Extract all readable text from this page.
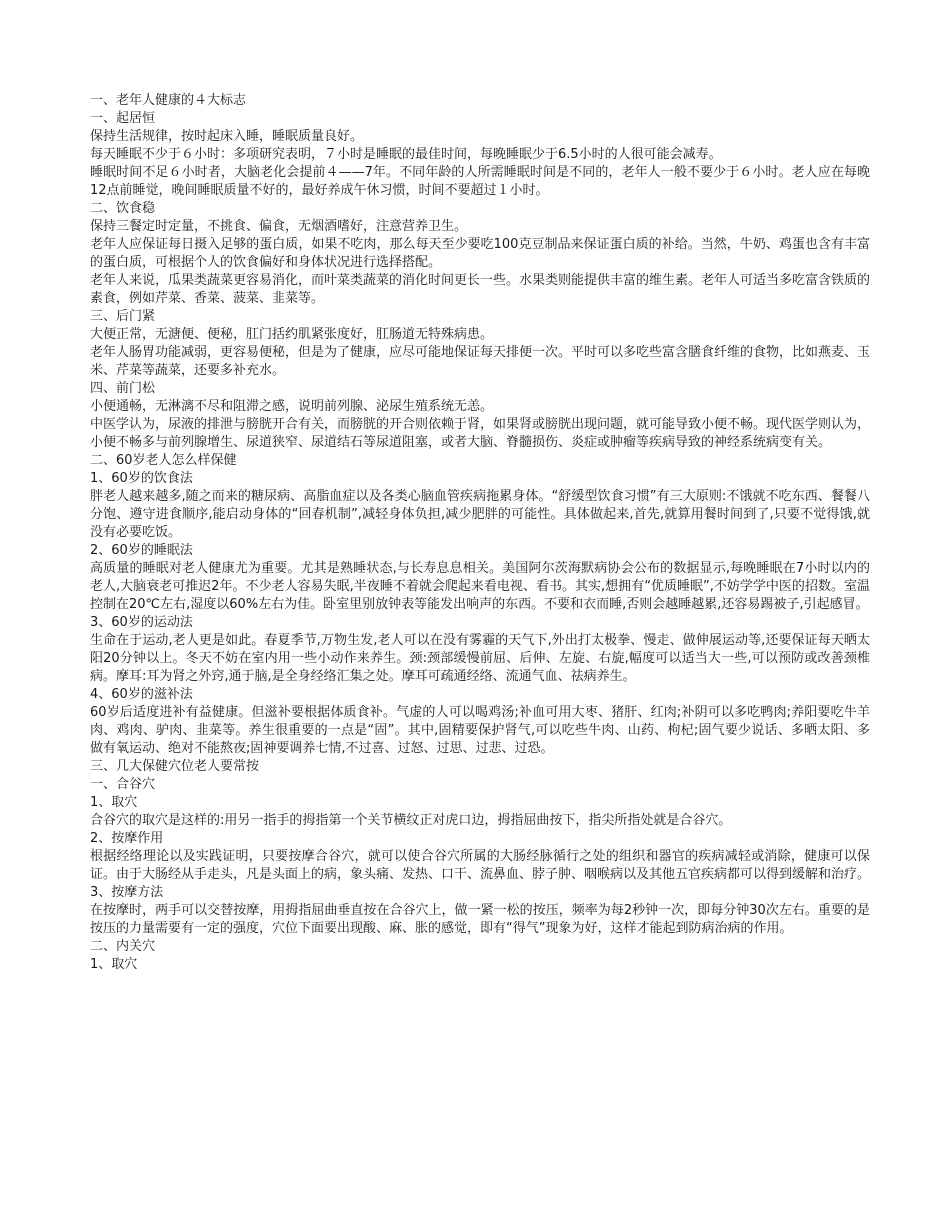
一、老年人健康的４大标志

一、起居恒

保持生活规律，按时起床入睡，睡眠质量良好。

每天睡眠不少于６小时：多项研究表明，７小时是睡眠的最佳时间，每晚睡眠少于6.5小时的人很可能会减寿。

睡眠时间不足６小时者，大脑老化会提前４——7年。不同年龄的人所需睡眠时间是不同的，老年人一般不要少于６小时。老人应在每晚12点前睡觉，晚间睡眠质量不好的，最好养成午休习惯，时间不要超过１小时。

二、饮食稳

保持三餐定时定量，不挑食、偏食，无烟酒嗜好，注意营养卫生。

老年人应保证每日摄入足够的蛋白质，如果不吃肉，那么每天至少要吃100克豆制品来保证蛋白质的补给。当然，牛奶、鸡蛋也含有丰富的蛋白质，可根据个人的饮食偏好和身体状况进行选择搭配。

老年人来说，瓜果类蔬菜更容易消化，而叶菜类蔬菜的消化时间更长一些。水果类则能提供丰富的维生素。老年人可适当多吃富含铁质的素食，例如芹菜、香菜、菠菜、韭菜等。

三、后门紧

大便正常，无溏便、便秘，肛门括约肌紧张度好，肛肠道无特殊病患。

老年人肠胃功能减弱，更容易便秘，但是为了健康，应尽可能地保证每天排便一次。平时可以多吃些富含膳食纤维的食物，比如燕麦、玉米、芹菜等蔬菜，还要多补充水。

四、前门松

小便通畅，无淋漓不尽和阻滞之感，说明前列腺、泌尿生殖系统无恙。

中医学认为，尿液的排泄与膀胱开合有关，而膀胱的开合则依赖于肾，如果肾或膀胱出现问题，就可能导致小便不畅。现代医学则认为，小便不畅多与前列腺增生、尿道狭窄、尿道结石等尿道阻塞，或者大脑、脊髓损伤、炎症或肿瘤等疾病导致的神经系统病变有关。

二、60岁老人怎么样保健

1、60岁的饮食法

胖老人越来越多,随之而来的糖尿病、高脂血症以及各类心脑血管疾病拖累身体。“舒缓型饮食习惯”有三大原则:不饿就不吃东西、餐餐八分饱、遵守进食顺序,能启动身体的“回春机制”,减轻身体负担,减少肥胖的可能性。具体做起来,首先,就算用餐时间到了,只要不觉得饿,就没有必要吃饭。

2、60岁的睡眠法

高质量的睡眠对老人健康尤为重要。尤其是熟睡状态,与长寿息息相关。美国阿尔茨海默病协会公布的数据显示,每晚睡眠在7小时以内的老人,大脑衰老可推迟2年。不少老人容易失眠,半夜睡不着就会爬起来看电视、看书。其实,想拥有“优质睡眠”,不妨学学中医的招数。室温控制在20℃左右,湿度以60%左右为佳。卧室里别放钟表等能发出响声的东西。不要和衣而睡,否则会越睡越累,还容易踢被子,引起感冒。

3、60岁的运动法

生命在于运动,老人更是如此。春夏季节,万物生发,老人可以在没有雾霾的天气下,外出打太极拳、慢走、做伸展运动等,还要保证每天晒太阳20分钟以上。冬天不妨在室内用一些小动作来养生。颈:颈部缓慢前屈、后伸、左旋、右旋,幅度可以适当大一些,可以预防或改善颈椎病。摩耳:耳为肾之外窍,通于脑,是全身经络汇集之处。摩耳可疏通经络、流通气血、祛病养生。

4、60岁的滋补法

60岁后适度进补有益健康。但滋补要根据体质食补。气虚的人可以喝鸡汤;补血可用大枣、猪肝、红肉;补阴可以多吃鸭肉;养阳要吃牛羊肉、鸡肉、驴肉、韭菜等。养生很重要的一点是“固”。其中,固精要保护肾气,可以吃些牛肉、山药、枸杞;固气要少说话、多晒太阳、多做有氧运动、绝对不能熬夜;固神要调养七情,不过喜、过怒、过思、过悲、过恐。

三、几大保健穴位老人要常按

一、合谷穴

1、取穴

合谷穴的取穴是这样的:用另一指手的拇指第一个关节横纹正对虎口边，拇指屈曲按下，指尖所指处就是合谷穴。

2、按摩作用

根据经络理论以及实践证明，只要按摩合谷穴，就可以使合谷穴所属的大肠经脉循行之处的组织和器官的疾病减轻或消除，健康可以保证。由于大肠经从手走头，凡是头面上的病，象头痛、发热、口干、流鼻血、脖子肿、咽喉病以及其他五官疾病都可以得到缓解和治疗。

3、按摩方法

在按摩时，两手可以交替按摩，用拇指屈曲垂直按在合谷穴上，做一紧一松的按压，频率为每2秒钟一次，即每分钟30次左右。重要的是按压的力量需要有一定的强度，穴位下面要出现酸、麻、胀的感觉，即有“得气”现象为好，这样才能起到防病治病的作用。

二、内关穴

1、取穴
